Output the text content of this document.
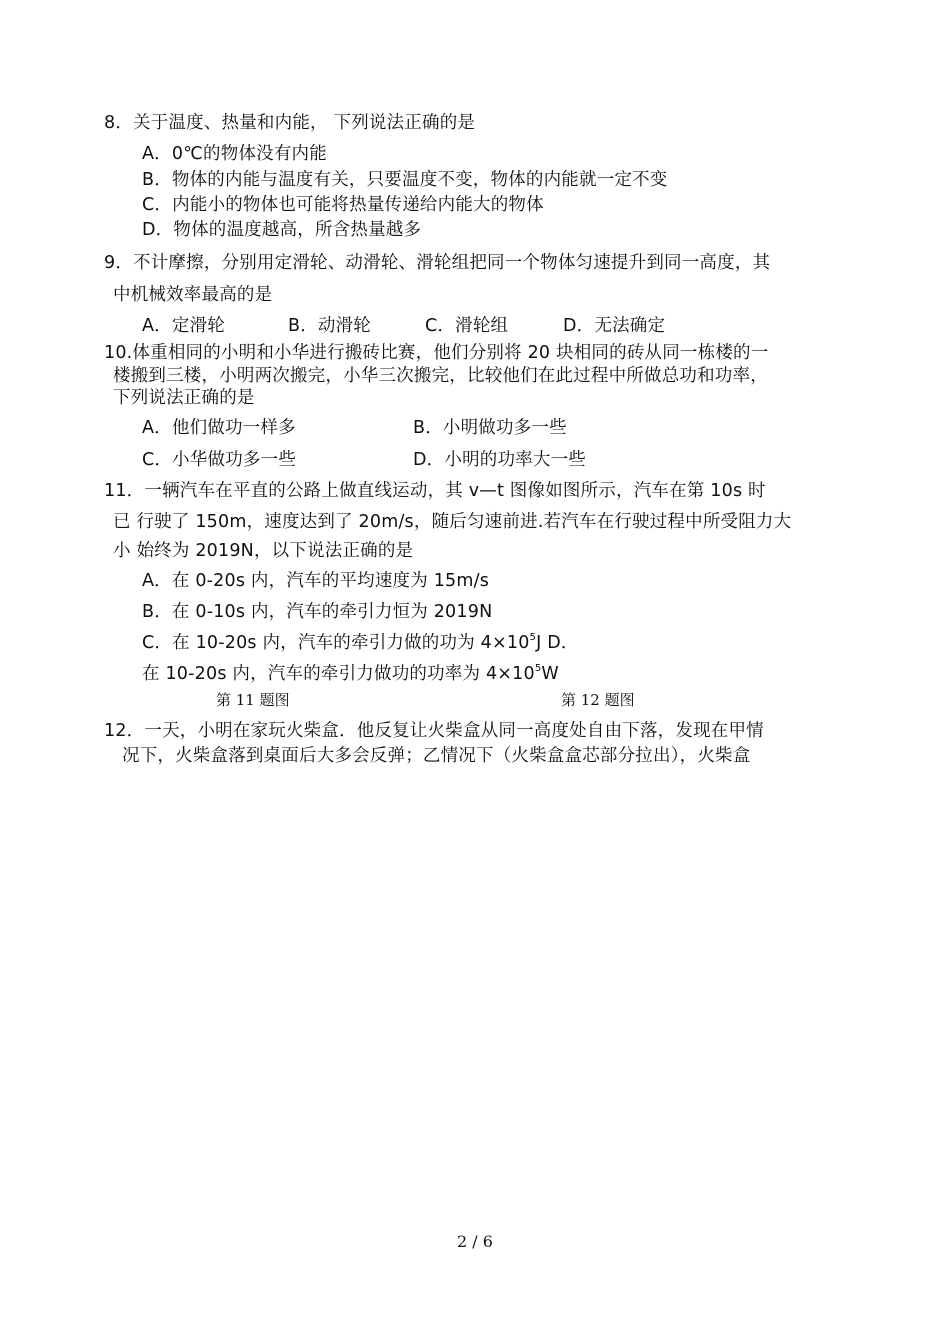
8．关于温度、热量和内能， 下列说法正确的是
A．0℃的物体没有内能
B．物体的内能与温度有关，只要温度不变，物体的内能就一定不变
C．内能小的物体也可能将热量传递给内能大的物体
D．物体的温度越高，所含热量越多
9．不计摩擦，分别用定滑轮、动滑轮、滑轮组把同一个物体匀速提升到同一高度，其
中机械效率最高的是
A．定滑轮	B．动滑轮	C．滑轮组	D．无法确定
10.体重相同的小明和小华进行搬砖比赛，他们分别将 20 块相同的砖从同一栋楼的一
楼搬到三楼，小明两次搬完，小华三次搬完，比较他们在此过程中所做总功和功率，
下列说法正确的是
A．他们做功一样多	B．小明做功多一些
C．小华做功多一些	D．小明的功率大一些
11．一辆汽车在平直的公路上做直线运动，其 v—t 图像如图所示，汽车在第 10s 时
已 行驶了 150m，速度达到了 20m/s，随后匀速前进.若汽车在行驶过程中所受阻力大
小 始终为 2019N，以下说法正确的是
A．在 0-20s 内，汽车的平均速度为 15m/s
B．在 0-10s 内，汽车的牵引力恒为 2019N
C．在 10-20s 内，汽车的牵引力做的功为 $4\times 10^5J$ D．
在 10-20s 内，汽车的牵引力做功的功率为 $4\times 10^5W$
第 11 题图	第 12 题图
12．一天，小明在家玩火柴盒．他反复让火柴盒从同一高度处自由下落，发现在甲情
况下，火柴盒落到桌面后大多会反弹；乙情况下（火柴盒盒芯部分拉出），火柴盒
2 / 6
